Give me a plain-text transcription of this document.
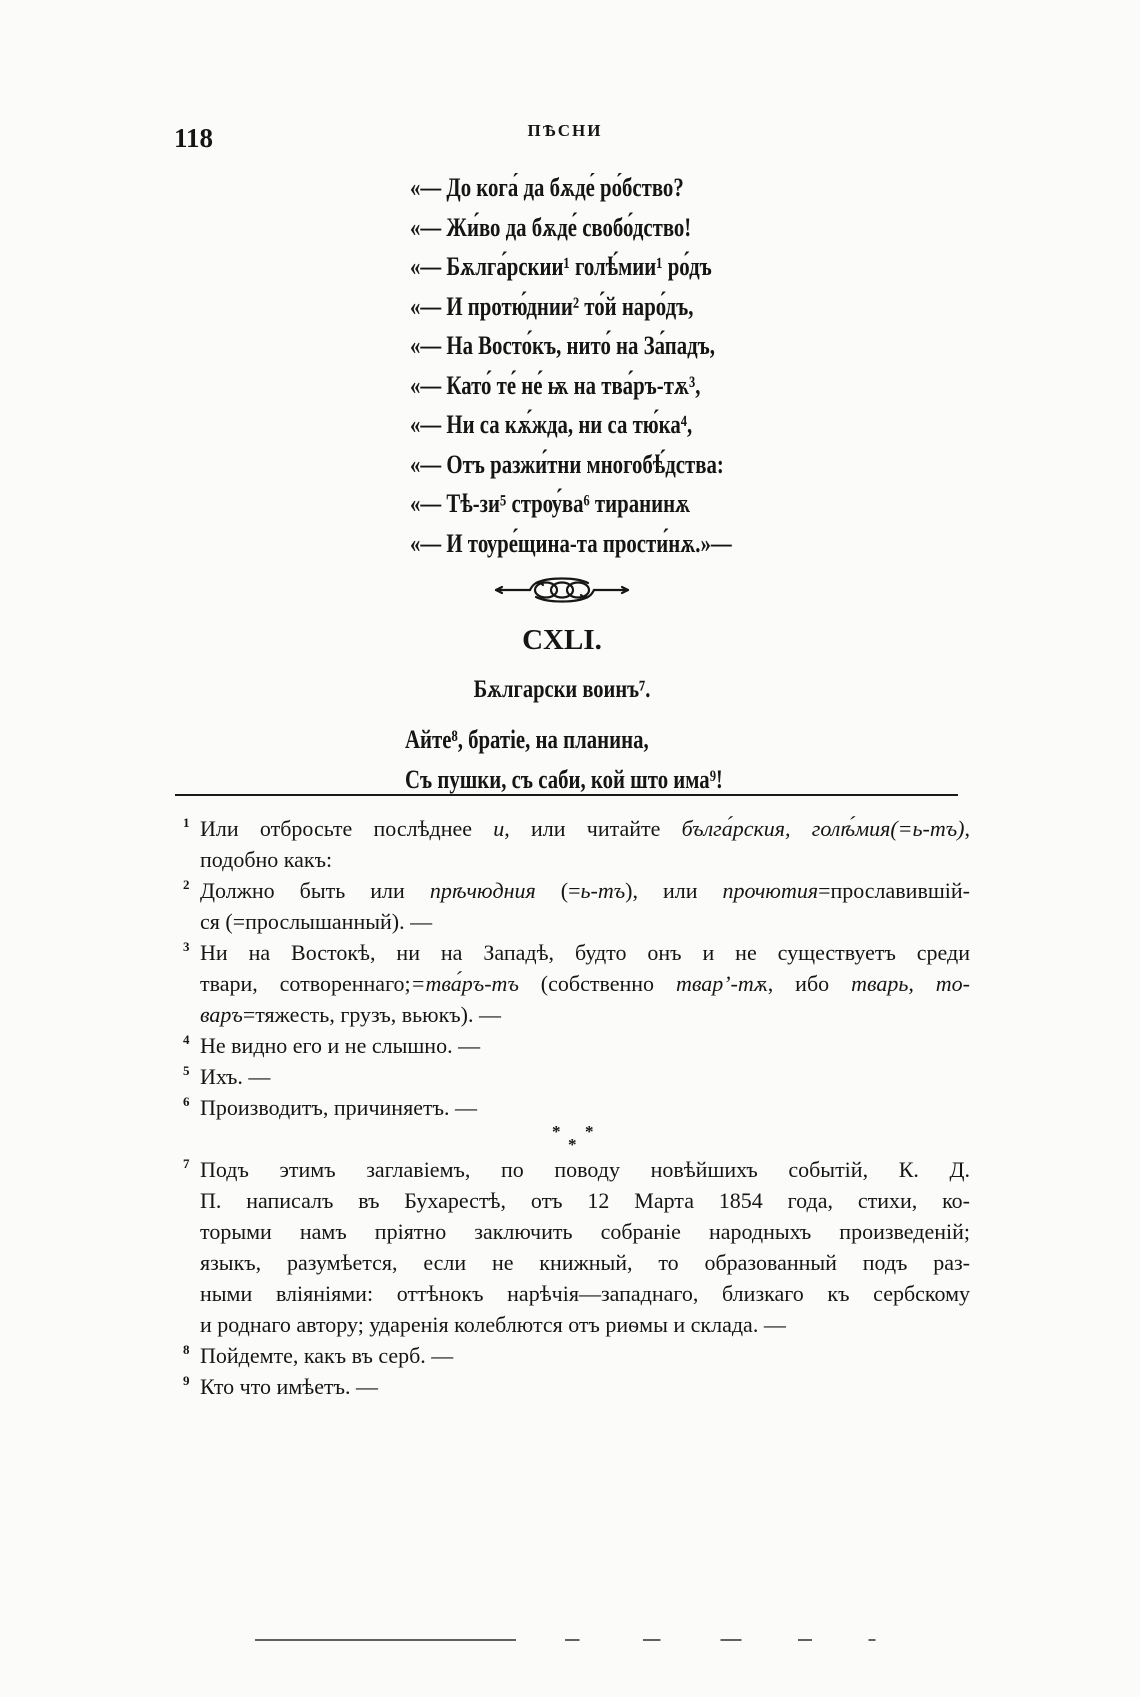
118	ПѢСНИ
«— До кога́ да бѫде́ ро́бство?
«— Жи́во да бѫде́ свобо́дство!
«— Бѫлга́рскии¹ голѣ́мии¹ ро́дъ
«— И протю́днии² то́й наро́дъ,
«— На Восто́къ, нито́ на За́падъ,
«— Като́ те́ не́ ѭ на тва́ръ-тѫ³,
«— Ни са кѫ́жда, ни са тю́ка⁴,
«— Отъ разжи́тни многобѣ́дства:
«— Тѣ-зи⁵ стрѹ́ва⁶ тиранинѫ
«— И тѹре́щина-та прости́нѫ.»—
CXLI.
Бѫлгарски воинъ⁷.
Айте⁸, братіе, на планина,
Съ пушки, съ саби, кой што има⁹!
1 Или отбросьте послѣднее и, или читайте бълга́рския, голѣ́мия(=ь-тъ),
подобно какъ:
2 Должно быть или прѣчюдния (=ь-тъ), или прочютия=прославившій-
ся (=прослышанный). —
3 Ни на Востокѣ, ни на Западѣ, будто онъ и не существуетъ среди
твари, сотвореннаго;=тва́ръ-тъ (собственно твар’-тѫ, ибо тварь, то-
варъ=тяжесть, грузъ, вьюкъ). —
4 Не видно его и не слышно. —
5 Ихъ. —
6 Производитъ, причиняетъ. —
* *
*
7 Подъ этимъ заглавіемъ, по поводу новѣйшихъ событій, К. Д.
П. написалъ въ Бухарестѣ, отъ 12 Марта 1854 года, стихи, ко-
торыми намъ пріятно заключить собраніе народныхъ произведеній;
языкъ, разумѣется, если не книжный, то образованный подъ раз-
ными вліяніями: оттѣнокъ нарѣчія—западнаго, близкаго къ сербскому
и роднаго автору; ударенія колеблются отъ риѳмы и склада. —
8 Пойдемте, какъ въ серб. —
9 Кто что имѣетъ. —
